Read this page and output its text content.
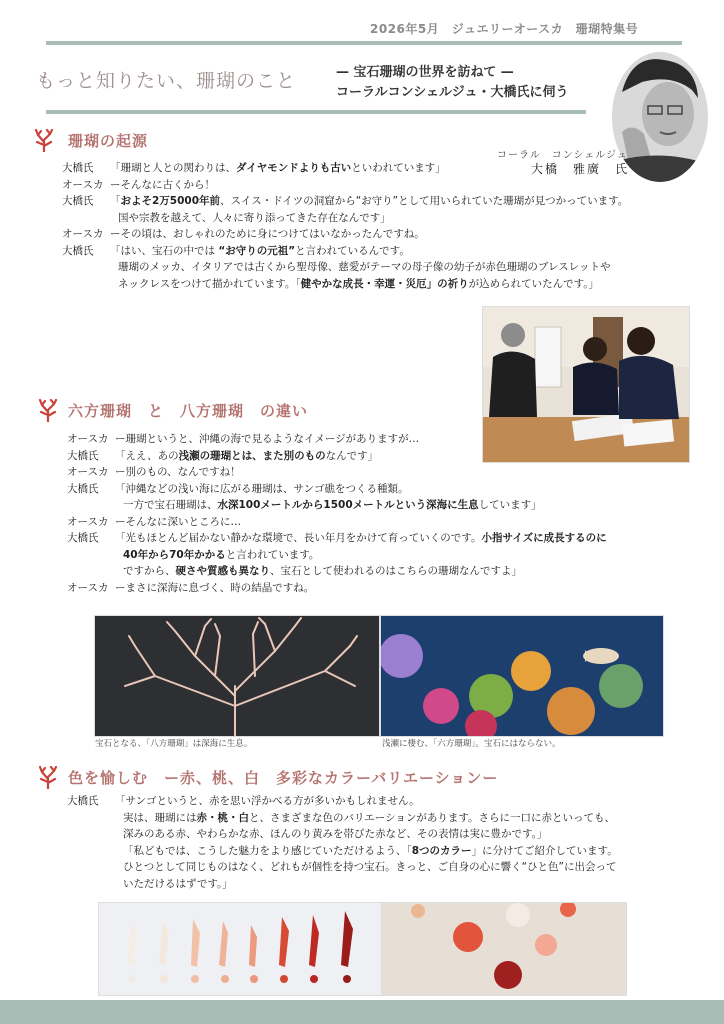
2026年5月　ジュエリーオースカ　珊瑚特集号
もっと知りたい、珊瑚のこと	— 宝石珊瑚の世界を訪ねて —
コーラルコンシェルジュ・大橋氏に伺う
コーラル　コンシェルジュ
大橋　雅廣　氏
珊瑚の起源
大橋氏 「珊瑚と人との関わりは、ダイヤモンドよりも古いといわれています」
オースカ ーそんなに古くから！
大橋氏 「およそ2万5000年前、スイス・ドイツの洞窟から“お守り”として用いられていた珊瑚が見つかっています。
国や宗教を越えて、人々に寄り添ってきた存在なんです」
オースカ ーその頃は、おしゃれのために身につけてはいなかったんですね。
大橋氏 「はい、宝石の中では “お守りの元祖”と言われているんです。
珊瑚のメッカ、イタリアでは古くから聖母像、慈愛がテーマの母子像の幼子が赤色珊瑚のブレスレットや
ネックレスをつけて描かれています。「健やかな成長・幸運・災厄」の祈りが込められていたんです。」
六方珊瑚　と　八方珊瑚　の違い
オースカ ー珊瑚というと、沖縄の海で見るようなイメージがありますが…
大橋氏 「ええ、あの浅瀬の珊瑚とは、また別のものなんです」
オースカ ー別のもの、なんですね！
大橋氏 「沖縄などの浅い海に広がる珊瑚は、サンゴ礁をつくる種類。
一方で宝石珊瑚は、水深100メートルから1500メートルという深海に生息しています」
オースカ ーそんなに深いところに…
大橋氏 「光もほとんど届かない静かな環境で、長い年月をかけて育っていくのです。小指サイズに成長するのに
40年から70年かかると言われています。
ですから、硬さや質感も異なり、宝石として使われるのはこちらの珊瑚なんですよ」
オースカ ーまさに深海に息づく、時の結晶ですね。
宝石となる、「八方珊瑚」は深海に生息。	浅瀬に棲む、「六方珊瑚」。宝石にはならない。
色を愉しむ　ー赤、桃、白　多彩なカラーバリエーションー
大橋氏 「サンゴというと、赤を思い浮かべる方が多いかもしれません。
実は、珊瑚には赤・桃・白と、さまざまな色のバリエーションがあります。さらに一口に赤といっても、
深みのある赤、やわらかな赤、ほんのり黄みを帯びた赤など、その表情は実に豊かです。」
「私どもでは、こうした魅力をより感じていただけるよう、「8つのカラー」に分けてご紹介しています。
ひとつとして同じものはなく、どれもが個性を持つ宝石。きっと、ご自身の心に響く“ひと色”に出会って
いただけるはずです。」
